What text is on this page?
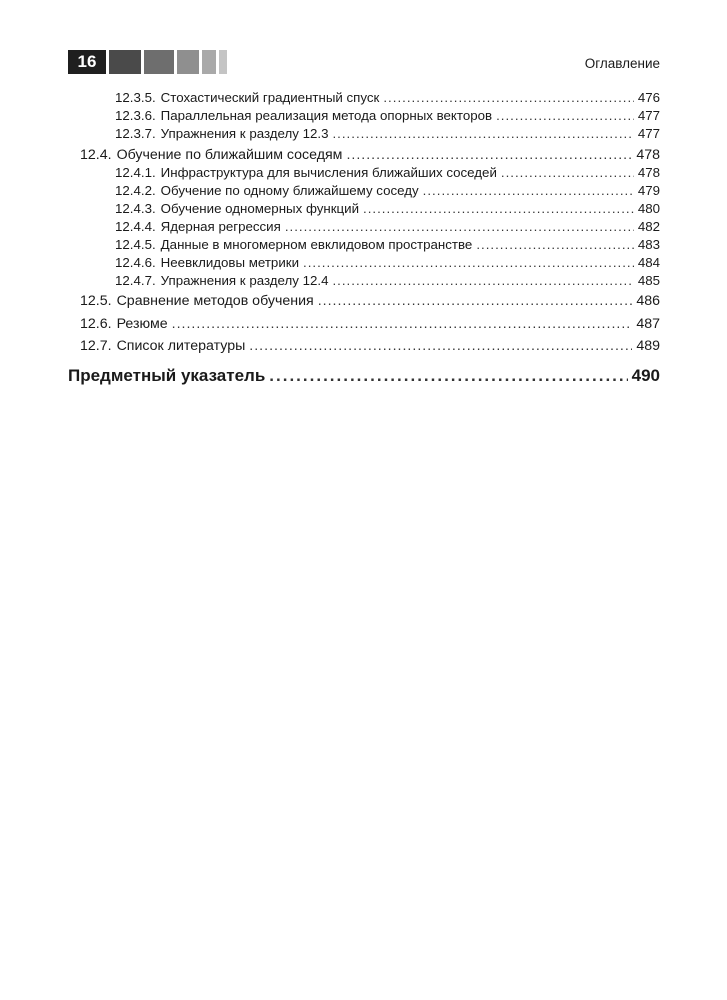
16	Оглавление
12.3.5. Стохастический градиентный спуск .....	476
12.3.6. Параллельная реализация метода опорных векторов .....	477
12.3.7. Упражнения к разделу 12.3 .....	477
12.4. Обучение по ближайшим соседям .....	478
12.4.1. Инфраструктура для вычисления ближайших соседей .....	478
12.4.2. Обучение по одному ближайшему соседу .....	479
12.4.3. Обучение одномерных функций .....	480
12.4.4. Ядерная регрессия .....	482
12.4.5. Данные в многомерном евклидовом пространстве .....	483
12.4.6. Неевклидовы метрики .....	484
12.4.7. Упражнения к разделу 12.4 .....	485
12.5. Сравнение методов обучения .....	486
12.6. Резюме .....	487
12.7. Список литературы .....	489
Предметный указатель .....	490
